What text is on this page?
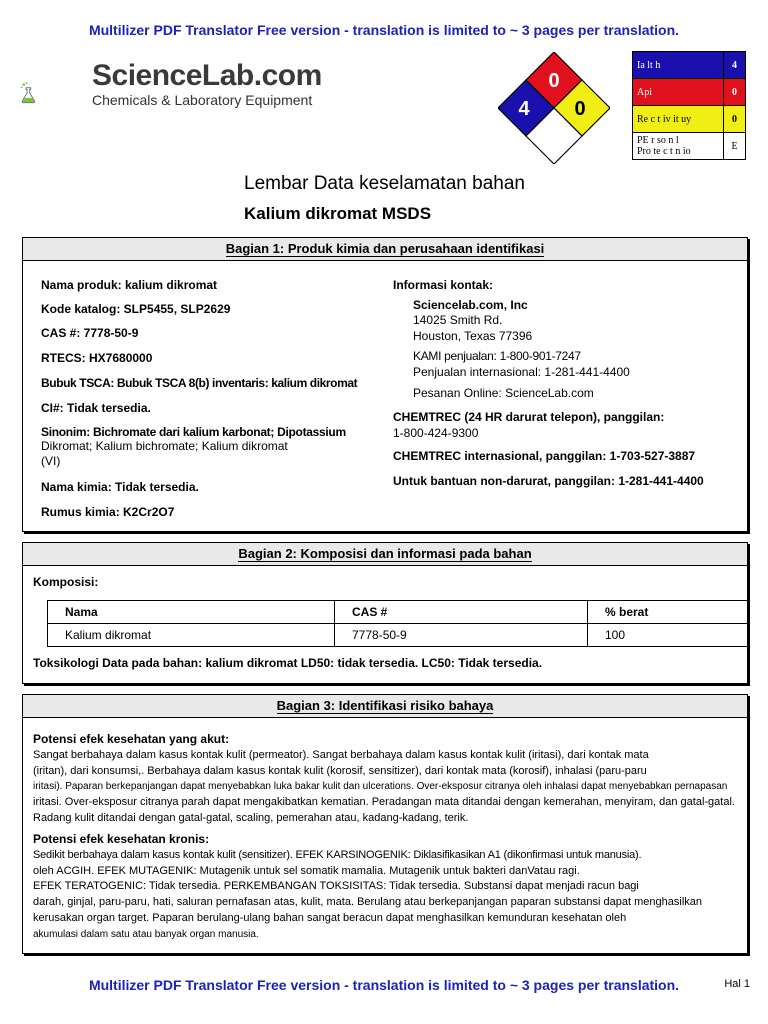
Multilizer PDF Translator Free version - translation is limited to ~ 3 pages per translation.
ScienceLab.com
Chemicals & Laboratory Equipment
0
4 0
Ia lt h	4
Api	0
Re c t iv it uy	0
PE r so n l
Pro te c t n io	E
Lembar Data keselamatan bahan
Kalium dikromat MSDS
Bagian 1: Produk kimia dan perusahaan identifikasi
Nama produk: kalium dikromat
Kode katalog: SLP5455, SLP2629
CAS #: 7778-50-9
RTECS: HX7680000
Bubuk TSCA: Bubuk TSCA 8(b) inventaris: kalium dikromat
CI#: Tidak tersedia.
Sinonim: Bichromate dari kalium karbonat; Dipotassium
Dikromat; Kalium bichromate; Kalium dikromat
(VI)
Nama kimia: Tidak tersedia.
Rumus kimia: K2Cr2O7
Informasi kontak:
Sciencelab.com, Inc
14025 Smith Rd.
Houston, Texas 77396
KAMI penjualan: 1-800-901-7247
Penjualan internasional: 1-281-441-4400
Pesanan Online: ScienceLab.com
CHEMTREC (24 HR darurat telepon), panggilan:
1-800-424-9300
CHEMTREC internasional, panggilan: 1-703-527-3887
Untuk bantuan non-darurat, panggilan: 1-281-441-4400
Bagian 2: Komposisi dan informasi pada bahan
Komposisi:
Nama	CAS #	% berat
Kalium dikromat	7778-50-9	100
Toksikologi Data pada bahan: kalium dikromat LD50: tidak tersedia. LC50: Tidak tersedia.
Bagian 3: Identifikasi risiko bahaya
Potensi efek kesehatan yang akut:
Sangat berbahaya dalam kasus kontak kulit (permeator). Sangat berbahaya dalam kasus kontak kulit (iritasi), dari kontak mata
(iritan), dari konsumsi,. Berbahaya dalam kasus kontak kulit (korosif, sensitizer), dari kontak mata (korosif), inhalasi (paru-paru
iritasi). Paparan berkepanjangan dapat menyebabkan luka bakar kulit dan ulcerations. Over-eksposur citranya oleh inhalasi dapat menyebabkan pernapasan
iritasi. Over-eksposur citranya parah dapat mengakibatkan kematian. Peradangan mata ditandai dengan kemerahan, menyiram, dan gatal-gatal.
Radang kulit ditandai dengan gatal-gatal, scaling, pemerahan atau, kadang-kadang, terik.
Potensi efek kesehatan kronis:
Sedikit berbahaya dalam kasus kontak kulit (sensitizer). EFEK KARSINOGENIK: Diklasifikasikan A1 (dikonfirmasi untuk manusia).
oleh ACGIH. EFEK MUTAGENIK: Mutagenik untuk sel somatik mamalia. Mutagenik untuk bakteri danVatau ragi.
EFEK TERATOGENIC: Tidak tersedia. PERKEMBANGAN TOKSISITAS: Tidak tersedia. Substansi dapat menjadi racun bagi
darah, ginjal, paru-paru, hati, saluran pernafasan atas, kulit, mata. Berulang atau berkepanjangan paparan substansi dapat menghasilkan
kerusakan organ target. Paparan berulang-ulang bahan sangat beracun dapat menghasilkan kemunduran kesehatan oleh
akumulasi dalam satu atau banyak organ manusia.
Multilizer PDF Translator Free version - translation is limited to ~ 3 pages per translation.	Hal 1
